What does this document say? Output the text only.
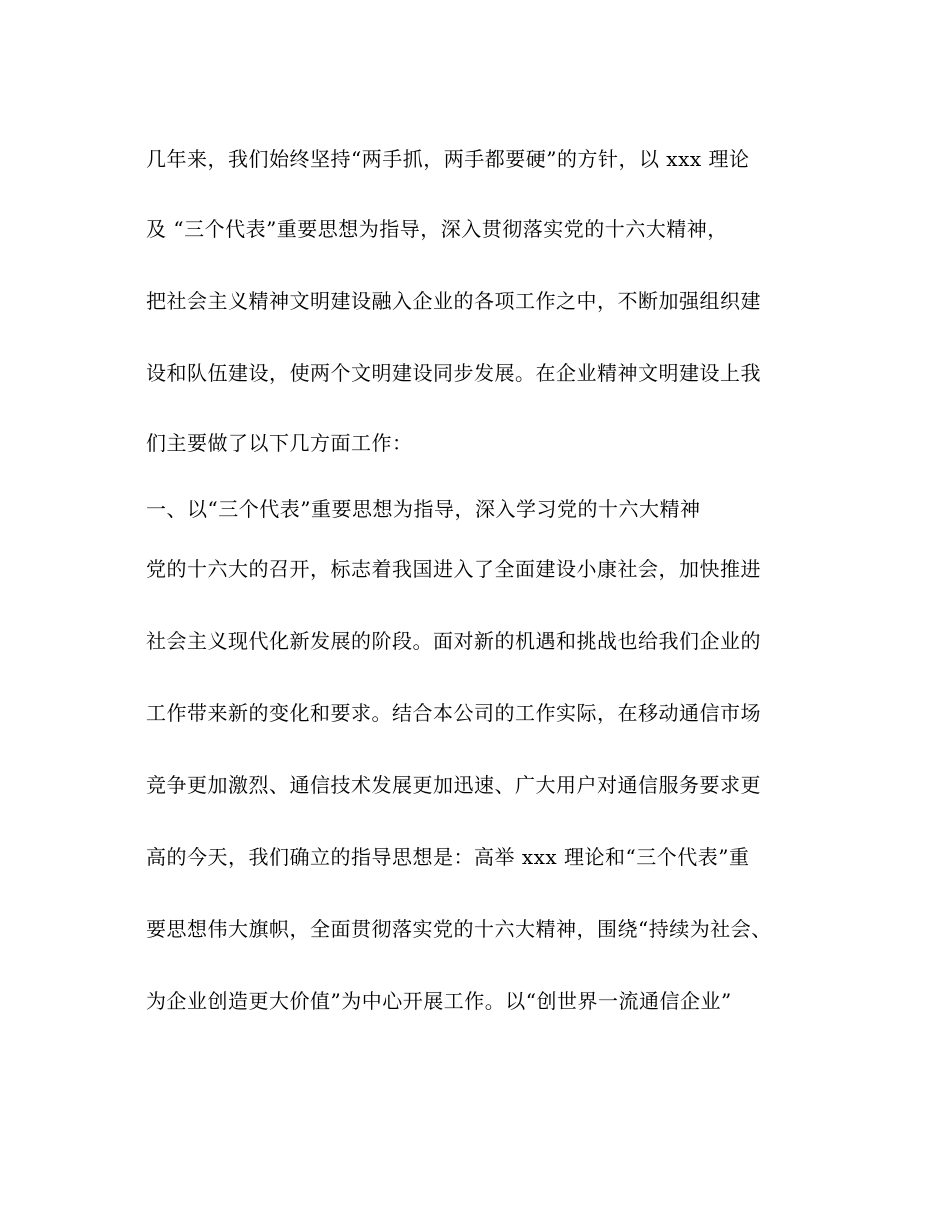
几年来，我们始终坚持“两手抓，两手都要硬”的方针，以 xxx 理论
及 “三个代表”重要思想为指导，深入贯彻落实党的十六大精神，
把社会主义精神文明建设融入企业的各项工作之中，不断加强组织建
设和队伍建设，使两个文明建设同步发展。在企业精神文明建设上我
们主要做了以下几方面工作：
一、以“三个代表”重要思想为指导，深入学习党的十六大精神
党的十六大的召开，标志着我国进入了全面建设小康社会，加快推进
社会主义现代化新发展的阶段。面对新的机遇和挑战也给我们企业的
工作带来新的变化和要求。结合本公司的工作实际，在移动通信市场
竞争更加激烈、通信技术发展更加迅速、广大用户对通信服务要求更
高的今天，我们确立的指导思想是：高举 xxx 理论和“三个代表”重
要思想伟大旗帜，全面贯彻落实党的十六大精神，围绕“持续为社会、
为企业创造更大价值”为中心开展工作。以“创世界一流通信企业”
